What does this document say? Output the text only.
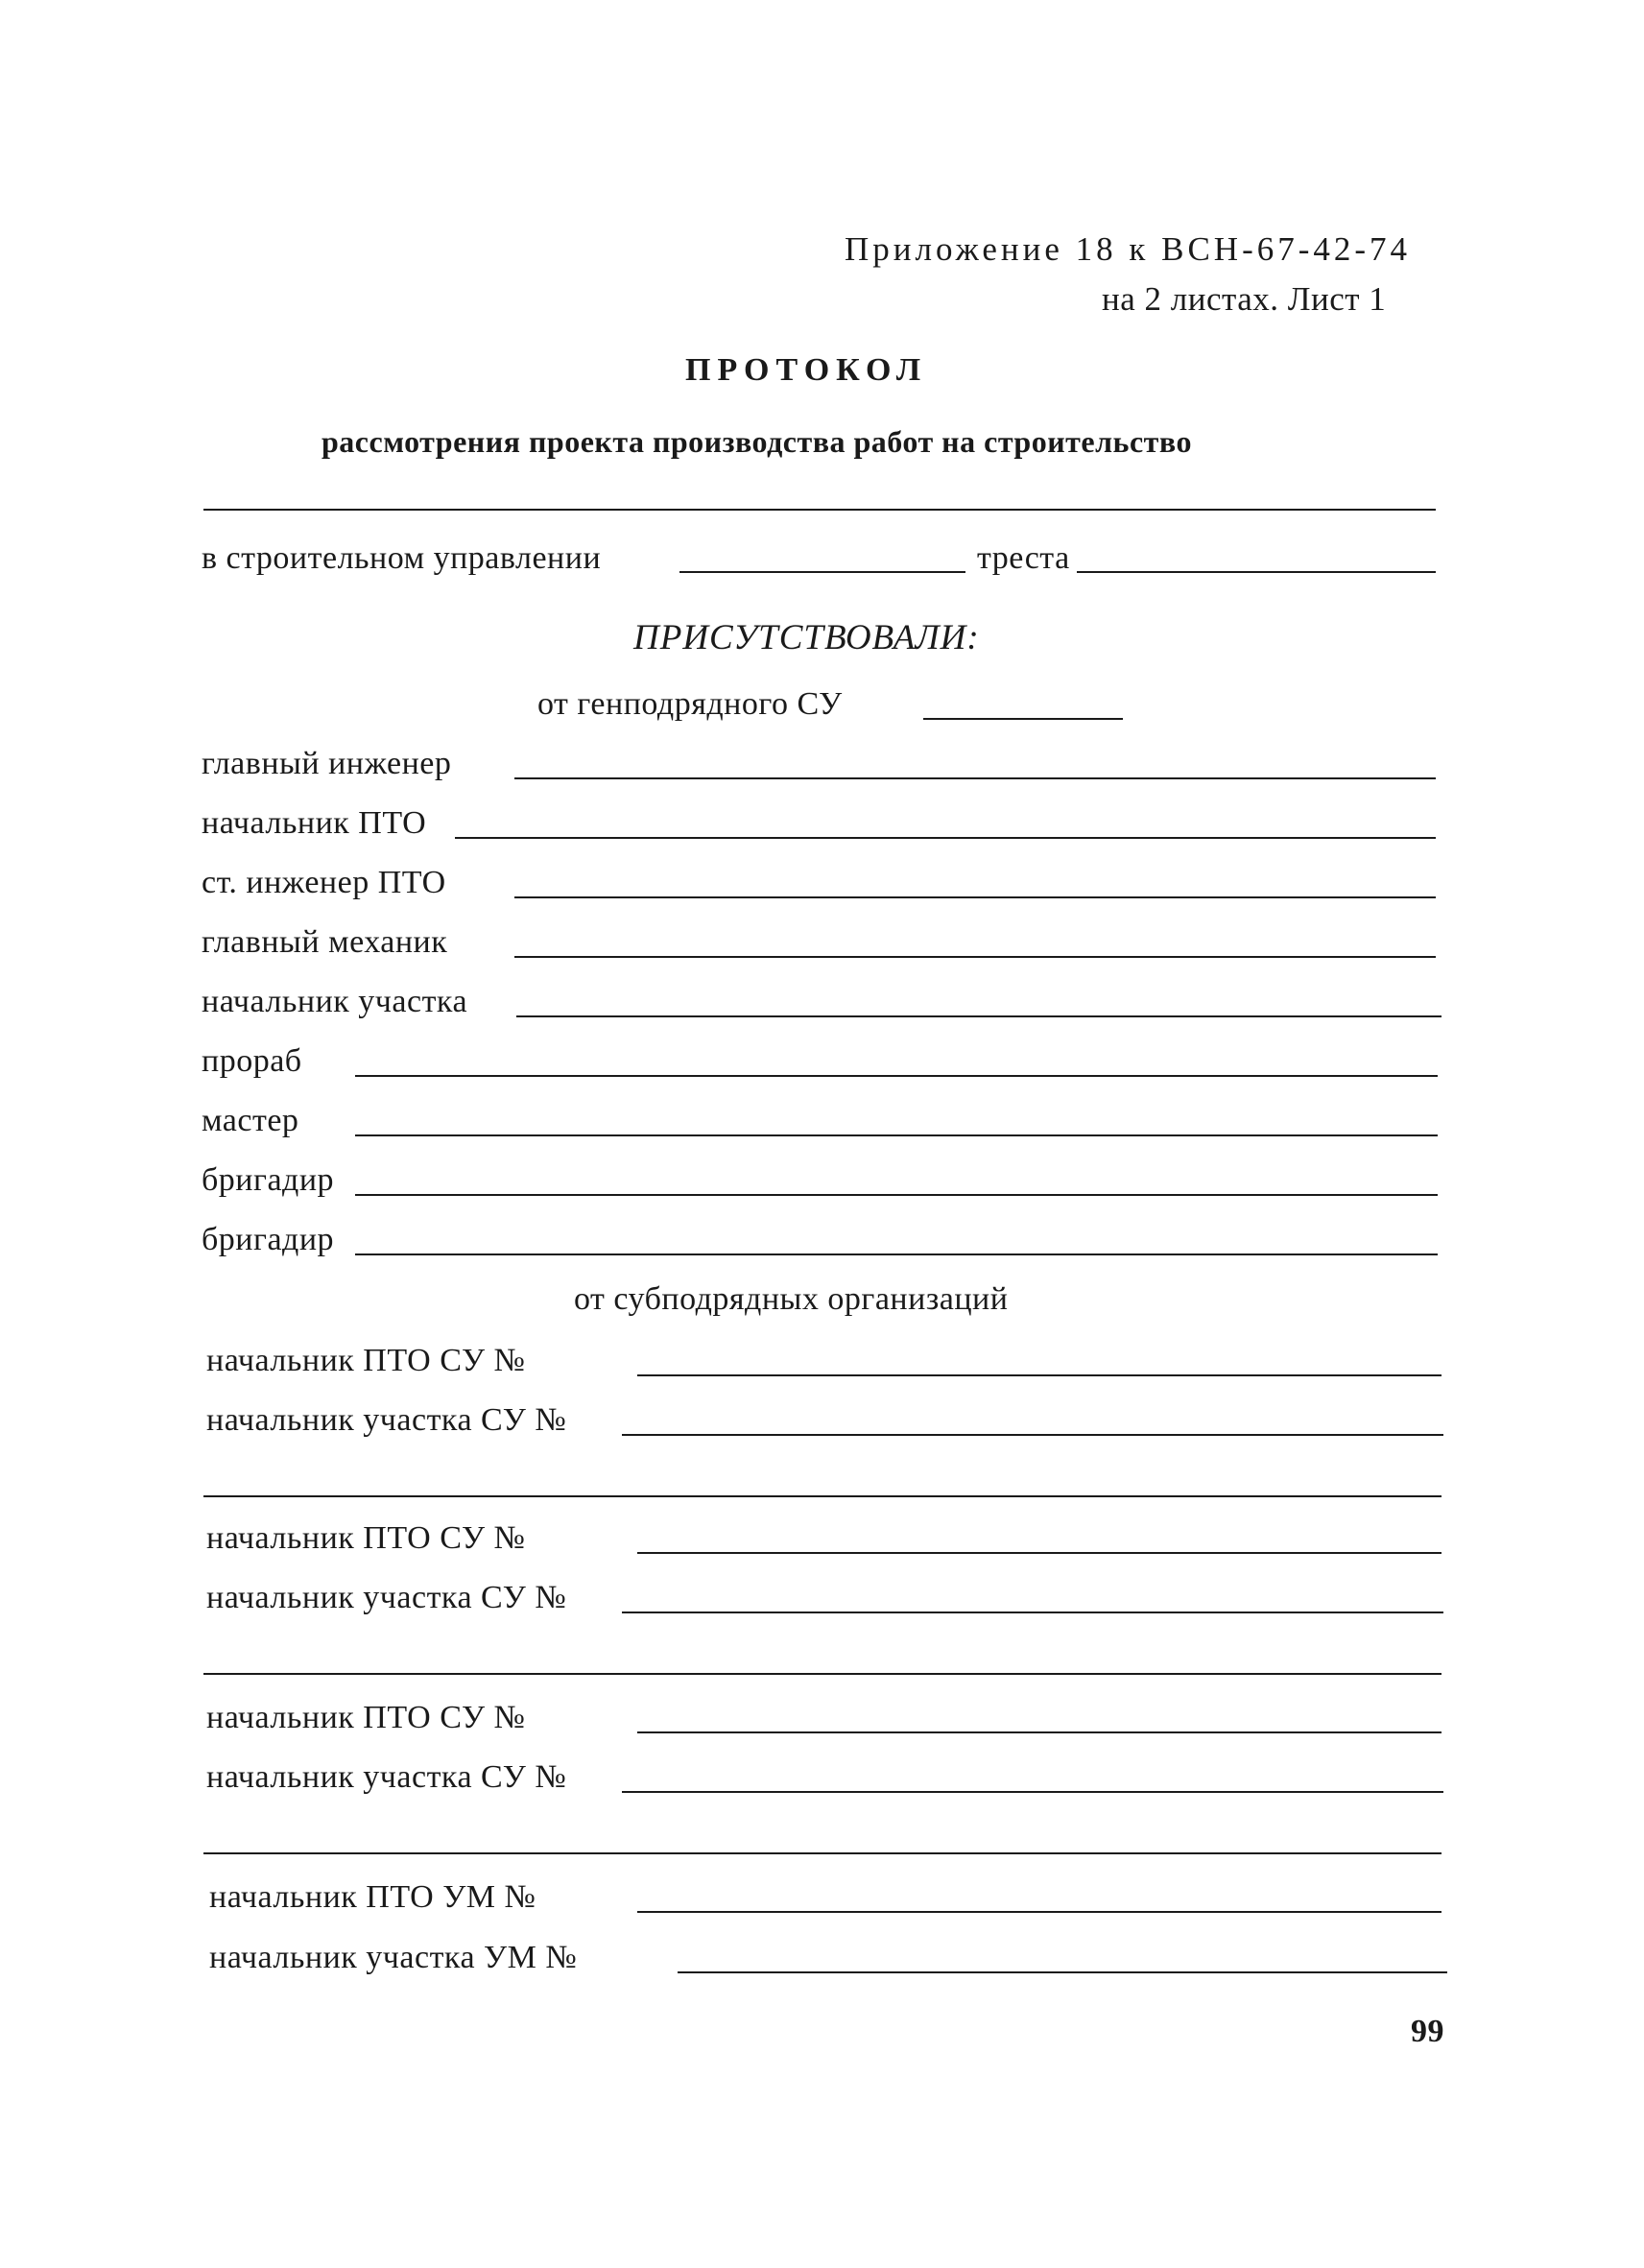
Приложение 18 к ВСН-67-42-74
на 2 листах. Лист 1
ПРОТОКОЛ
рассмотрения проекта производства работ на строительство
в строительном управлении	треста
ПРИСУТСТВОВАЛИ:
от генподрядного СУ
главный инженер
начальник ПТО
ст. инженер ПТО
главный механик
начальник участка
прораб
мастер
бригадир
бригадир
от субподрядных организаций
начальник ПТО СУ №
начальник участка СУ №
начальник ПТО СУ №
начальник участка СУ №
начальник ПТО СУ №
начальник участка СУ №
начальник ПТО УМ №
начальник участка УМ №
99
